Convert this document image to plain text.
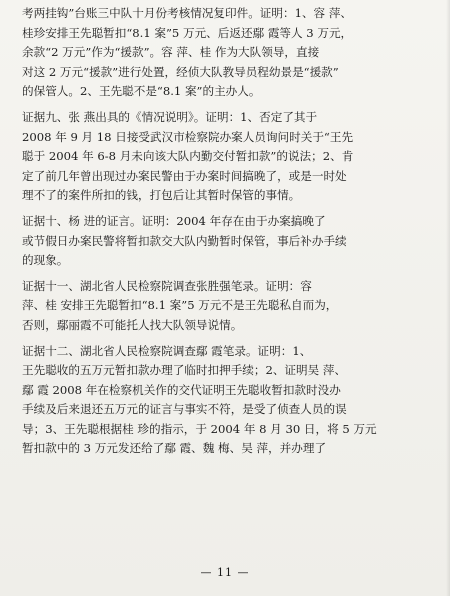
考两挂钩”台账三中队十月份考核情况复印件。证明：1、容 萍、
桂珍安排王先聪暂扣“8.1 案”5 万元、后返还鄢 霞等人 3 万元，
余款“2 万元”作为“援款”。容 萍、桂 作为大队领导，直接
对这 2 万元“援款”进行处置，经侦大队教导员程幼景是“援款”
的保管人。2、王先聪不是“8.1 案”的主办人。

证据九、张 燕出具的《情况说明》。证明：1、否定了其于
2008 年 9 月 18 日接受武汉市检察院办案人员询问时关于“王先
聪于 2004 年 6-8 月未向该大队内勤交付暂扣款”的说法；2、肯
定了前几年曾出现过办案民警由于办案时间搞晚了，或是一时处
理不了的案件所扣的钱，打包后让其暂时保管的事情。

证据十、杨 进的证言。证明：2004 年存在由于办案搞晚了
或节假日办案民警将暂扣款交大队内勤暂时保管，事后补办手续
的现象。

证据十一、湖北省人民检察院调查张胜强笔录。证明：容
萍、桂 安排王先聪暂扣“8.1 案”5 万元不是王先聪私自而为，
否则，鄢丽霞不可能托人找大队领导说情。

证据十二、湖北省人民检察院调查鄢 霞笔录。证明：1、
王先聪收的五万元暂扣款办理了临时扣押手续；2、证明吴 萍、
鄢 霞 2008 年在检察机关作的交代证明王先聪收暂扣款时没办
手续及后来退还五万元的证言与事实不符，是受了侦查人员的误
导；3、王先聪根据桂 珍的指示，于 2004 年 8 月 30 日，将 5 万元
暂扣款中的 3 万元发还给了鄢 霞、魏 梅、吴 萍，并办理了

— 11 —
